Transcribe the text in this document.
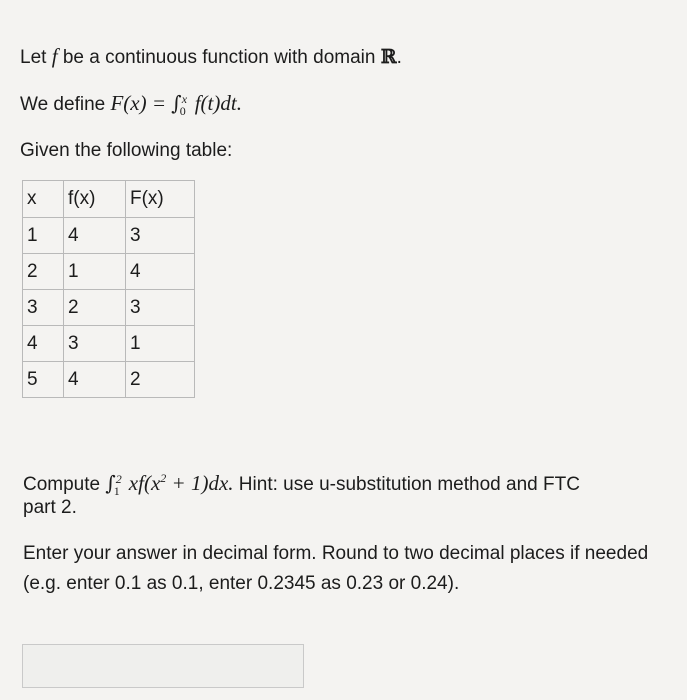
Let f be a continuous function with domain ℝ.
We define F(x) = ∫ x
0 f(t)dt.
Given the following table:
x	f(x)	F(x)
1	4	3
2	1	4
3	2	3
4	3	1
5	4	2
Compute ∫ 2
1 $xf(x^2 + 1)dx$. Hint: use u-substitution method and FTC
part 2.
Enter your answer in decimal form. Round to two decimal places if needed
(e.g. enter 0.1 as 0.1, enter 0.2345 as 0.23 or 0.24).
